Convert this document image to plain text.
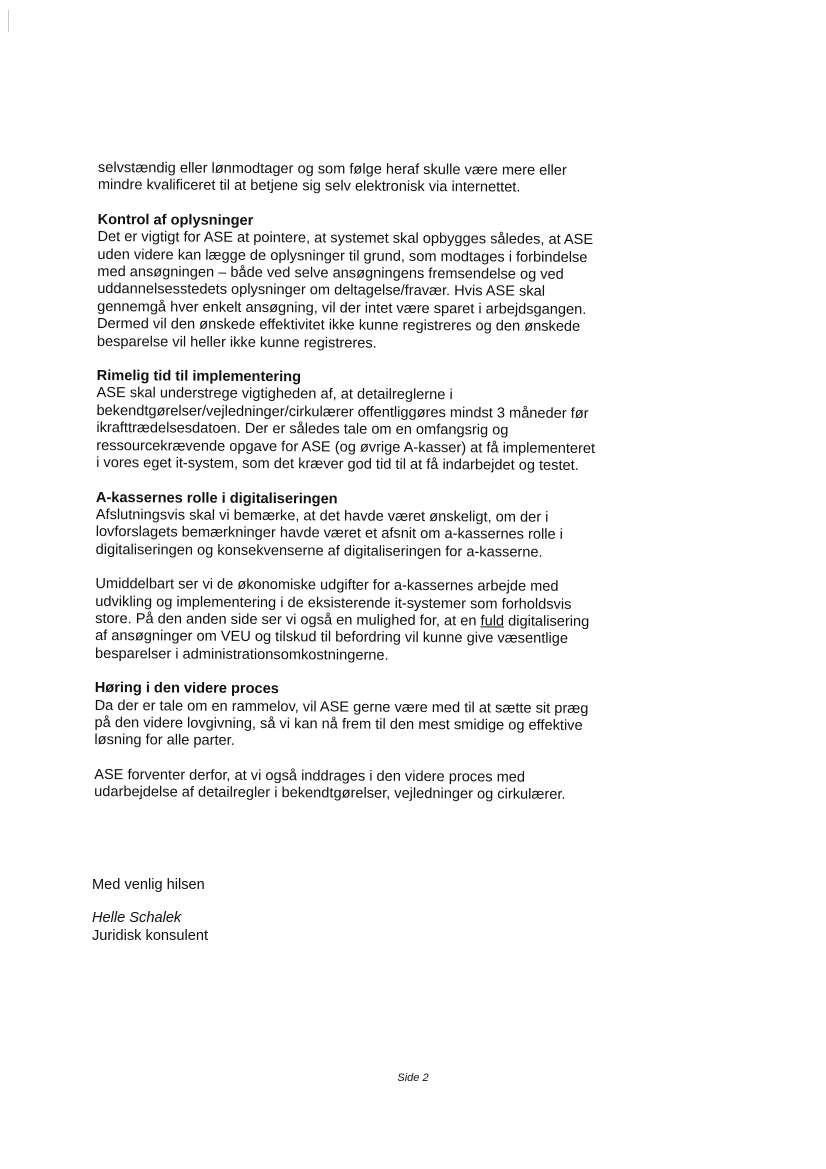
selvstændig eller lønmodtager og som følge heraf skulle være mere eller
mindre kvalificeret til at betjene sig selv elektronisk via internettet.
Kontrol af oplysninger
Det er vigtigt for ASE at pointere, at systemet skal opbygges således, at ASE
uden videre kan lægge de oplysninger til grund, som modtages i forbindelse
med ansøgningen – både ved selve ansøgningens fremsendelse og ved
uddannelsesstedets oplysninger om deltagelse/fravær. Hvis ASE skal
gennemgå hver enkelt ansøgning, vil der intet være sparet i arbejdsgangen.
Dermed vil den ønskede effektivitet ikke kunne registreres og den ønskede
besparelse vil heller ikke kunne registreres.
Rimelig tid til implementering
ASE skal understrege vigtigheden af, at detailreglerne i
bekendtgørelser/vejledninger/cirkulærer offentliggøres mindst 3 måneder før
ikrafttrædelsesdatoen. Der er således tale om en omfangsrig og
ressourcekrævende opgave for ASE (og øvrige A-kasser) at få implementeret
i vores eget it-system, som det kræver god tid til at få indarbejdet og testet.
A-kassernes rolle i digitaliseringen
Afslutningsvis skal vi bemærke, at det havde været ønskeligt, om der i
lovforslagets bemærkninger havde været et afsnit om a-kassernes rolle i
digitaliseringen og konsekvenserne af digitaliseringen for a-kasserne.
Umiddelbart ser vi de økonomiske udgifter for a-kassernes arbejde med
udvikling og implementering i de eksisterende it-systemer som forholdsvis
store. På den anden side ser vi også en mulighed for, at en fuld digitalisering
af ansøgninger om VEU og tilskud til befordring vil kunne give væsentlige
besparelser i administrationsomkostningerne.
Høring i den videre proces
Da der er tale om en rammelov, vil ASE gerne være med til at sætte sit præg
på den videre lovgivning, så vi kan nå frem til den mest smidige og effektive
løsning for alle parter.
ASE forventer derfor, at vi også inddrages i den videre proces med
udarbejdelse af detailregler i bekendtgørelser, vejledninger og cirkulærer.
Med venlig hilsen
Helle Schalek
Juridisk konsulent
Side 2
